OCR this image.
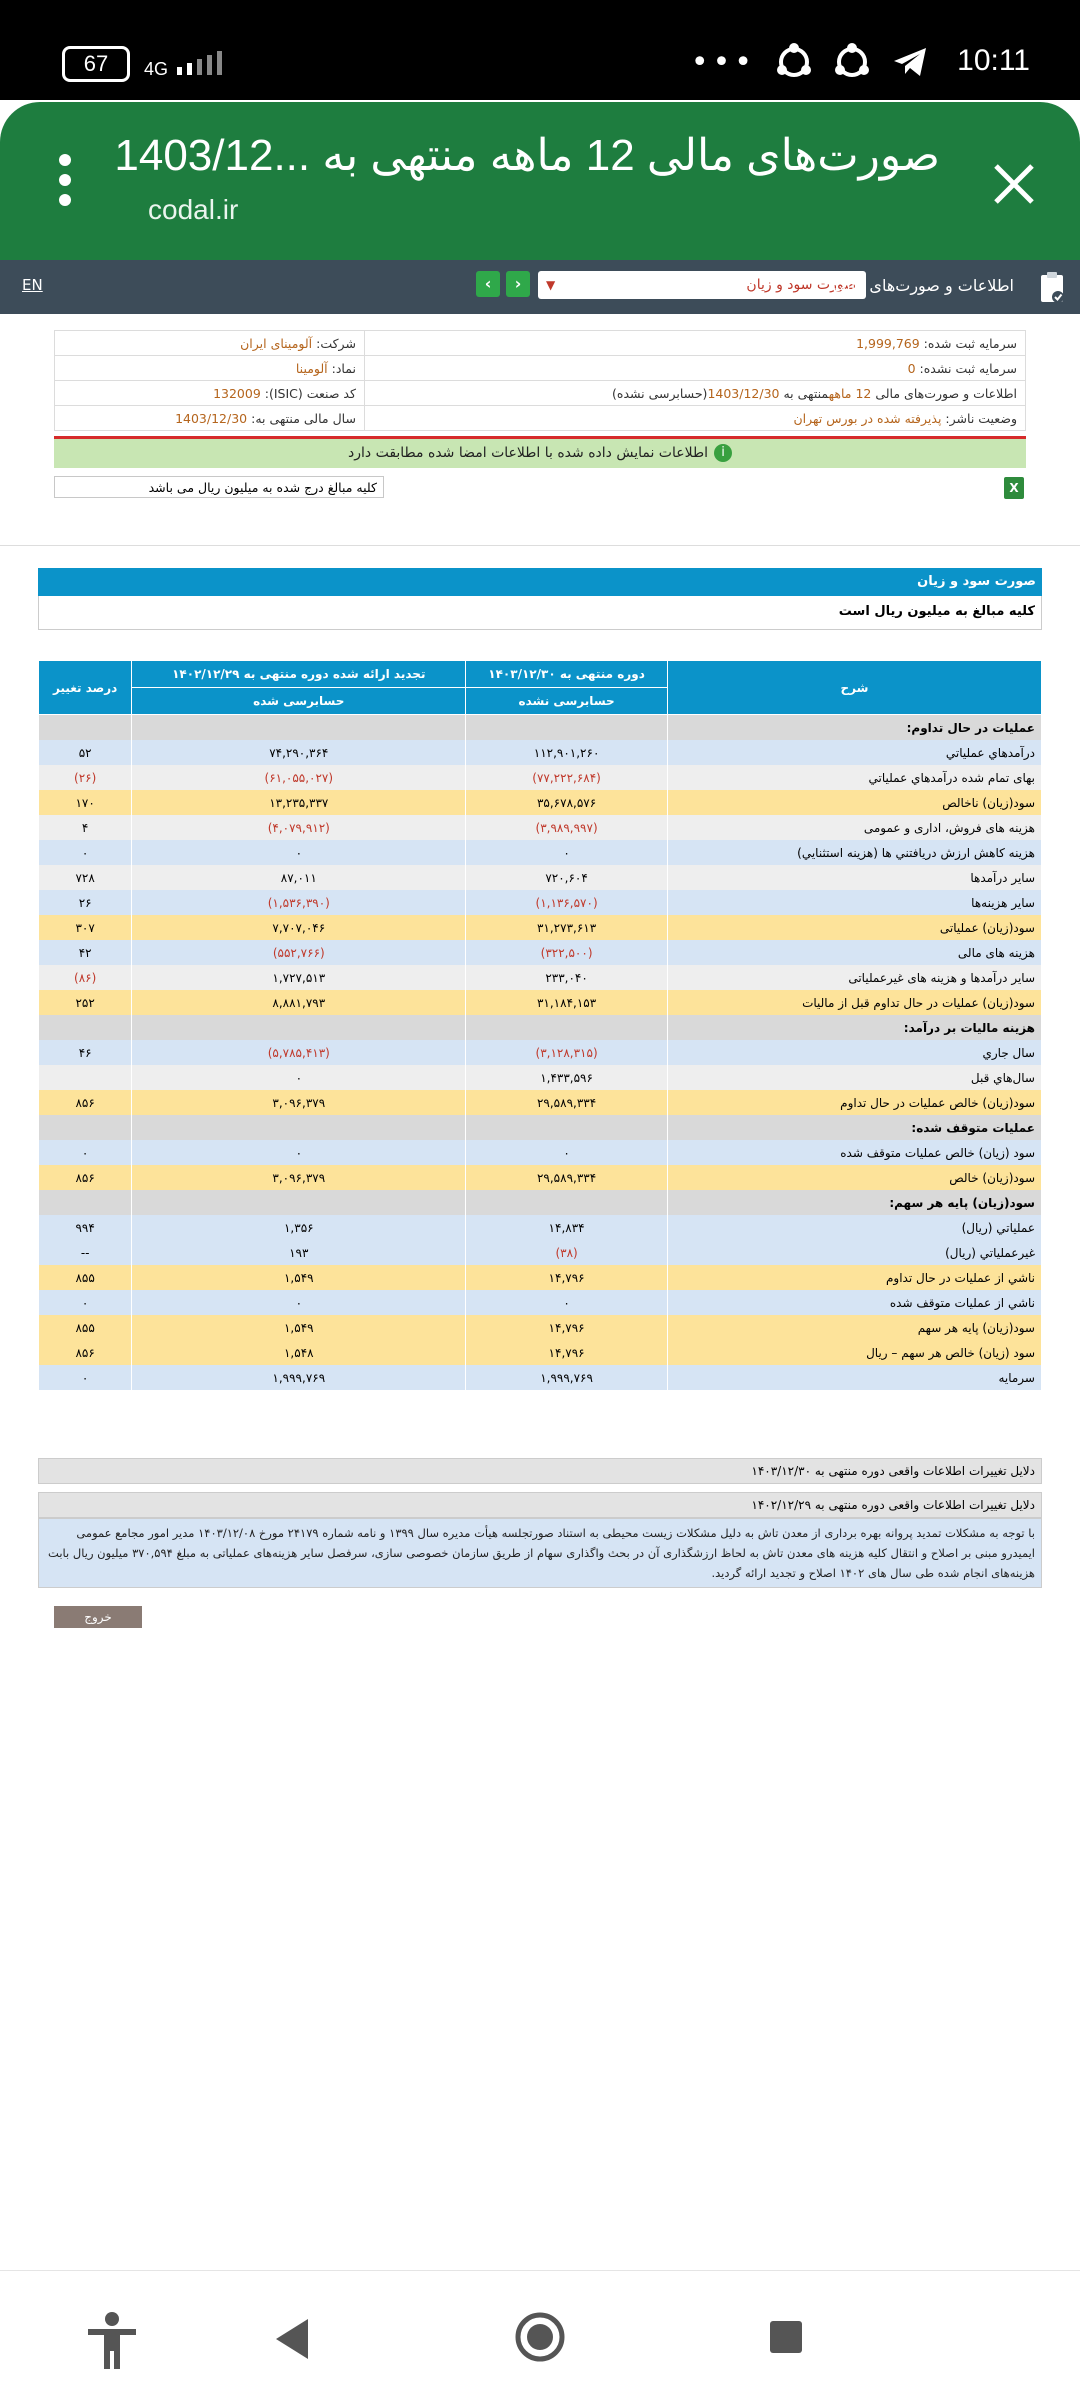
67	4G	•••	10:11
صورت‌های مالی 12 ماهه منتهی به ...1403/12
codal.ir
EN	‹	›	▼	صورت سود و زیان
اطلاعات و صورت‌های مالی
شرکت: آلومينای ايران	سرمایه ثبت شده: 1,999,769
نماد: آلومينا	سرمایه ثبت نشده: 0
کد صنعت (ISIC): 132009	اطلاعات و صورت‌های مالی 12 ماههمنتهی به 1403/12/30(حسابرسی نشده)
سال مالی منتهی به: 1403/12/30	وضعیت ناشر: پذیرفته شده در بورس تهران
iاطلاعات نمایش داده شده با اطلاعات امضا شده مطابقت دارد
کلیه مبالغ درج شده به میلیون ریال می باشد	X
صورت سود و زیان
کلیه مبالغ به میلیون ریال است
شرح	دوره منتهی به ۱۴۰۳/۱۲/۳۰	تجدید ارائه شده دوره منتهی به ۱۴۰۲/۱۲/۲۹	درصد تغییر
	حسابرسی نشده	حسابرسی شده	
عملیات در حال تداوم:			
درآمدهاي عملياتي	۱۱۲,۹۰۱,۲۶۰	۷۴,۲۹۰,۳۶۴	۵۲
بهاى تمام شده درآمدهاي عملياتي	(۷۷,۲۲۲,۶۸۴)	(۶۱,۰۵۵,۰۲۷)	(۲۶)
سود(زيان) ناخالص	۳۵,۶۷۸,۵۷۶	۱۳,۲۳۵,۳۳۷	۱۷۰
هزينه هاى فروش، ادارى و عمومى	(۳,۹۸۹,۹۹۷)	(۴,۰۷۹,۹۱۲)	۴
هزينه کاهش ارزش دريافتني ها (هزينه استثنايي)	۰	۰	۰
ساير درآمدها	۷۲۰,۶۰۴	۸۷,۰۱۱	۷۲۸
سایر هزینه‌ها	(۱,۱۳۶,۵۷۰)	(۱,۵۳۶,۳۹۰)	۲۶
سود(زيان) عملياتى	۳۱,۲۷۳,۶۱۳	۷,۷۰۷,۰۴۶	۳۰۷
هزينه هاى مالى	(۳۲۲,۵۰۰)	(۵۵۲,۷۶۶)	۴۲
ساير درآمدها و هزينه هاى غيرعملياتى	۲۳۳,۰۴۰	۱,۷۲۷,۵۱۳	(۸۶)
سود(زيان) عمليات در حال تداوم قبل از ماليات	۳۱,۱۸۴,۱۵۳	۸,۸۸۱,۷۹۳	۲۵۲
هزینه مالیات بر درآمد:			
سال جاري	(۳,۱۲۸,۳۱۵)	(۵,۷۸۵,۴۱۳)	۴۶
سال‌هاي قبل	۱,۴۳۳,۵۹۶	۰	
سود(زيان) خالص عمليات در حال تداوم	۲۹,۵۸۹,۳۳۴	۳,۰۹۶,۳۷۹	۸۵۶
عملیات متوقف شده:			
سود (زيان) خالص عمليات متوقف شده	۰	۰	۰
سود(زيان) خالص	۲۹,۵۸۹,۳۳۴	۳,۰۹۶,۳۷۹	۸۵۶
سود(زیان) پایه هر سهم:			
عملياتي (ريال)	۱۴,۸۳۴	۱,۳۵۶	۹۹۴
غيرعملياتي (ريال)	(۳۸)	۱۹۳	--
ناشي از عمليات در حال تداوم	۱۴,۷۹۶	۱,۵۴۹	۸۵۵
ناشي از عمليات متوقف شده	۰	۰	۰
سود(زيان) پايه هر سهم	۱۴,۷۹۶	۱,۵۴۹	۸۵۵
سود (زيان) خالص هر سهم – ريال	۱۴,۷۹۶	۱,۵۴۸	۸۵۶
سرمايه	۱,۹۹۹,۷۶۹	۱,۹۹۹,۷۶۹	۰
دلایل تغییرات اطلاعات واقعی دوره منتهی به ۱۴۰۳/۱۲/۳۰
دلایل تغییرات اطلاعات واقعی دوره منتهی به ۱۴۰۲/۱۲/۲۹
با توجه به مشکلات تمدید پروانه بهره برداری از معدن تاش به دلیل مشکلات زیست محیطی به استناد صورتجلسه هیأت مدیره سال ۱۳۹۹ و نامه شماره ۲۴۱۷۹ مورخ ۱۴۰۳/۱۲/۰۸ مدیر امور مجامع عمومی ایمیدرو مبنی بر اصلاح و انتقال کلیه هزینه های معدن تاش به لحاظ ارزشگذاری آن در بحث واگذاری سهام از طریق سازمان خصوصی سازی، سرفصل سایر هزینه‌های عملیاتی به مبلغ ۳۷۰,۵۹۴ میلیون ریال بابت هزینه‌های انجام شده طی سال های ۱۴۰۲ اصلاح و تجدید ارائه گردید.
خروج
